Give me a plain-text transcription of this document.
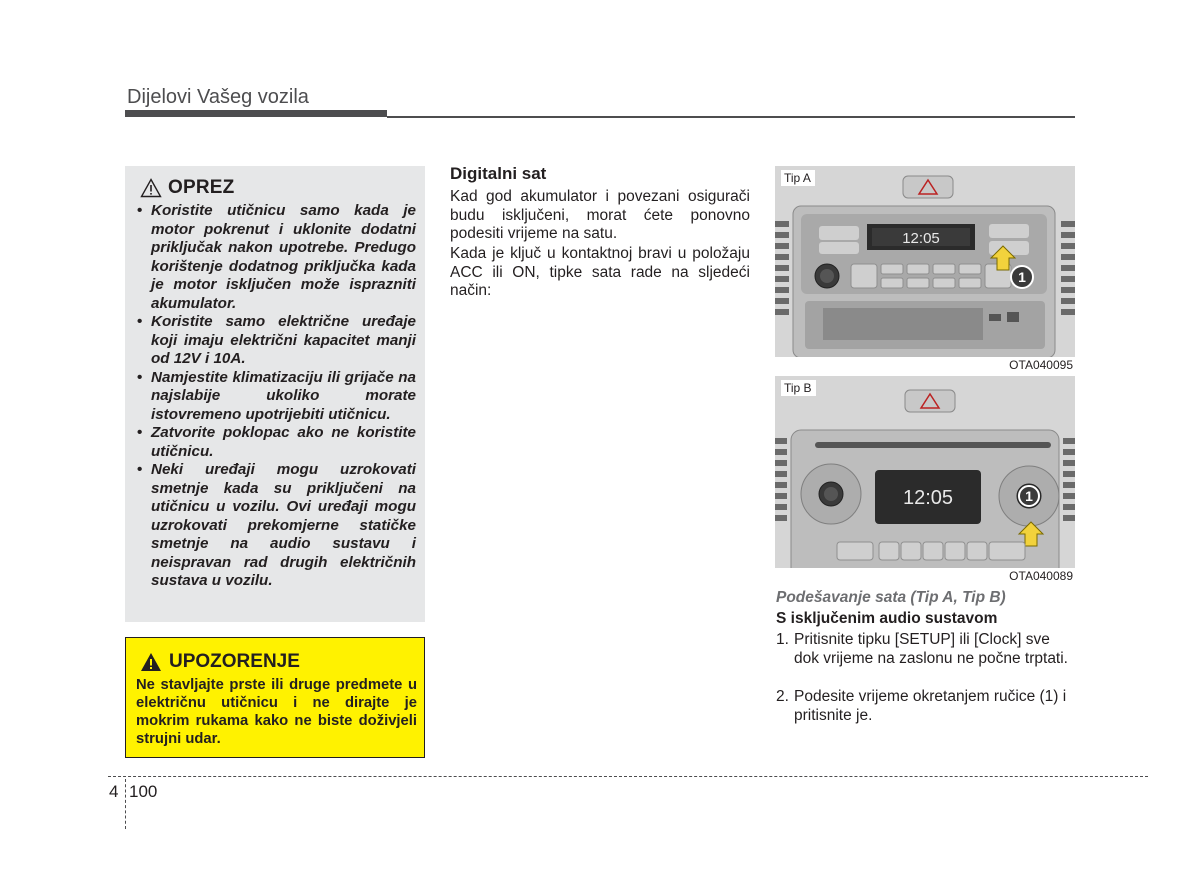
Dijelovi Vašeg vozila
OPREZ
• Koristite utičnicu samo kada je motor pokrenut i uklonite dodatni priključak nakon upotrebe. Predugo korištenje dodatnog priključka kada je motor isključen može isprazniti akumulator.
• Koristite samo električne uređaje koji imaju električni kapacitet manji od 12V i 10A.
• Namjestite klimatizaciju ili grijače na najslabije ukoliko morate istovremeno upotrijebiti utičnicu.
• Zatvorite poklopac ako ne koristite utičnicu.
• Neki uređaji mogu uzrokovati smetnje kada su priključeni na utičnicu u vozilu. Ovi uređaji mogu uzrokovati prekomjerne statičke smetnje na audio sustavu i neispravan rad drugih električnih sustava u vozilu.
UPOZORENJE
Ne stavljajte prste ili druge predmete u električnu utičnicu i ne dirajte je mokrim rukama kako ne biste doživjeli strujni udar.
Digitalni sat
Kad god akumulator i povezani osigurači budu isključeni, morat ćete ponovno podesiti vrijeme na satu.
Kada je ključ u kontaktnoj bravi u položaju ACC ili ON, tipke sata rade na sljedeći način:
12:05
1
Tip A
OTA040095
12:05	1
Tip B
OTA040089
Podešavanje sata (Tip A, Tip B)
S isključenim audio sustavom
1. Pritisnite tipku [SETUP] ili [Clock] sve dok vrijeme na zaslonu ne počne trptati.
2. Podesite vrijeme okretanjem ručice (1) i pritisnite je.
4 100
